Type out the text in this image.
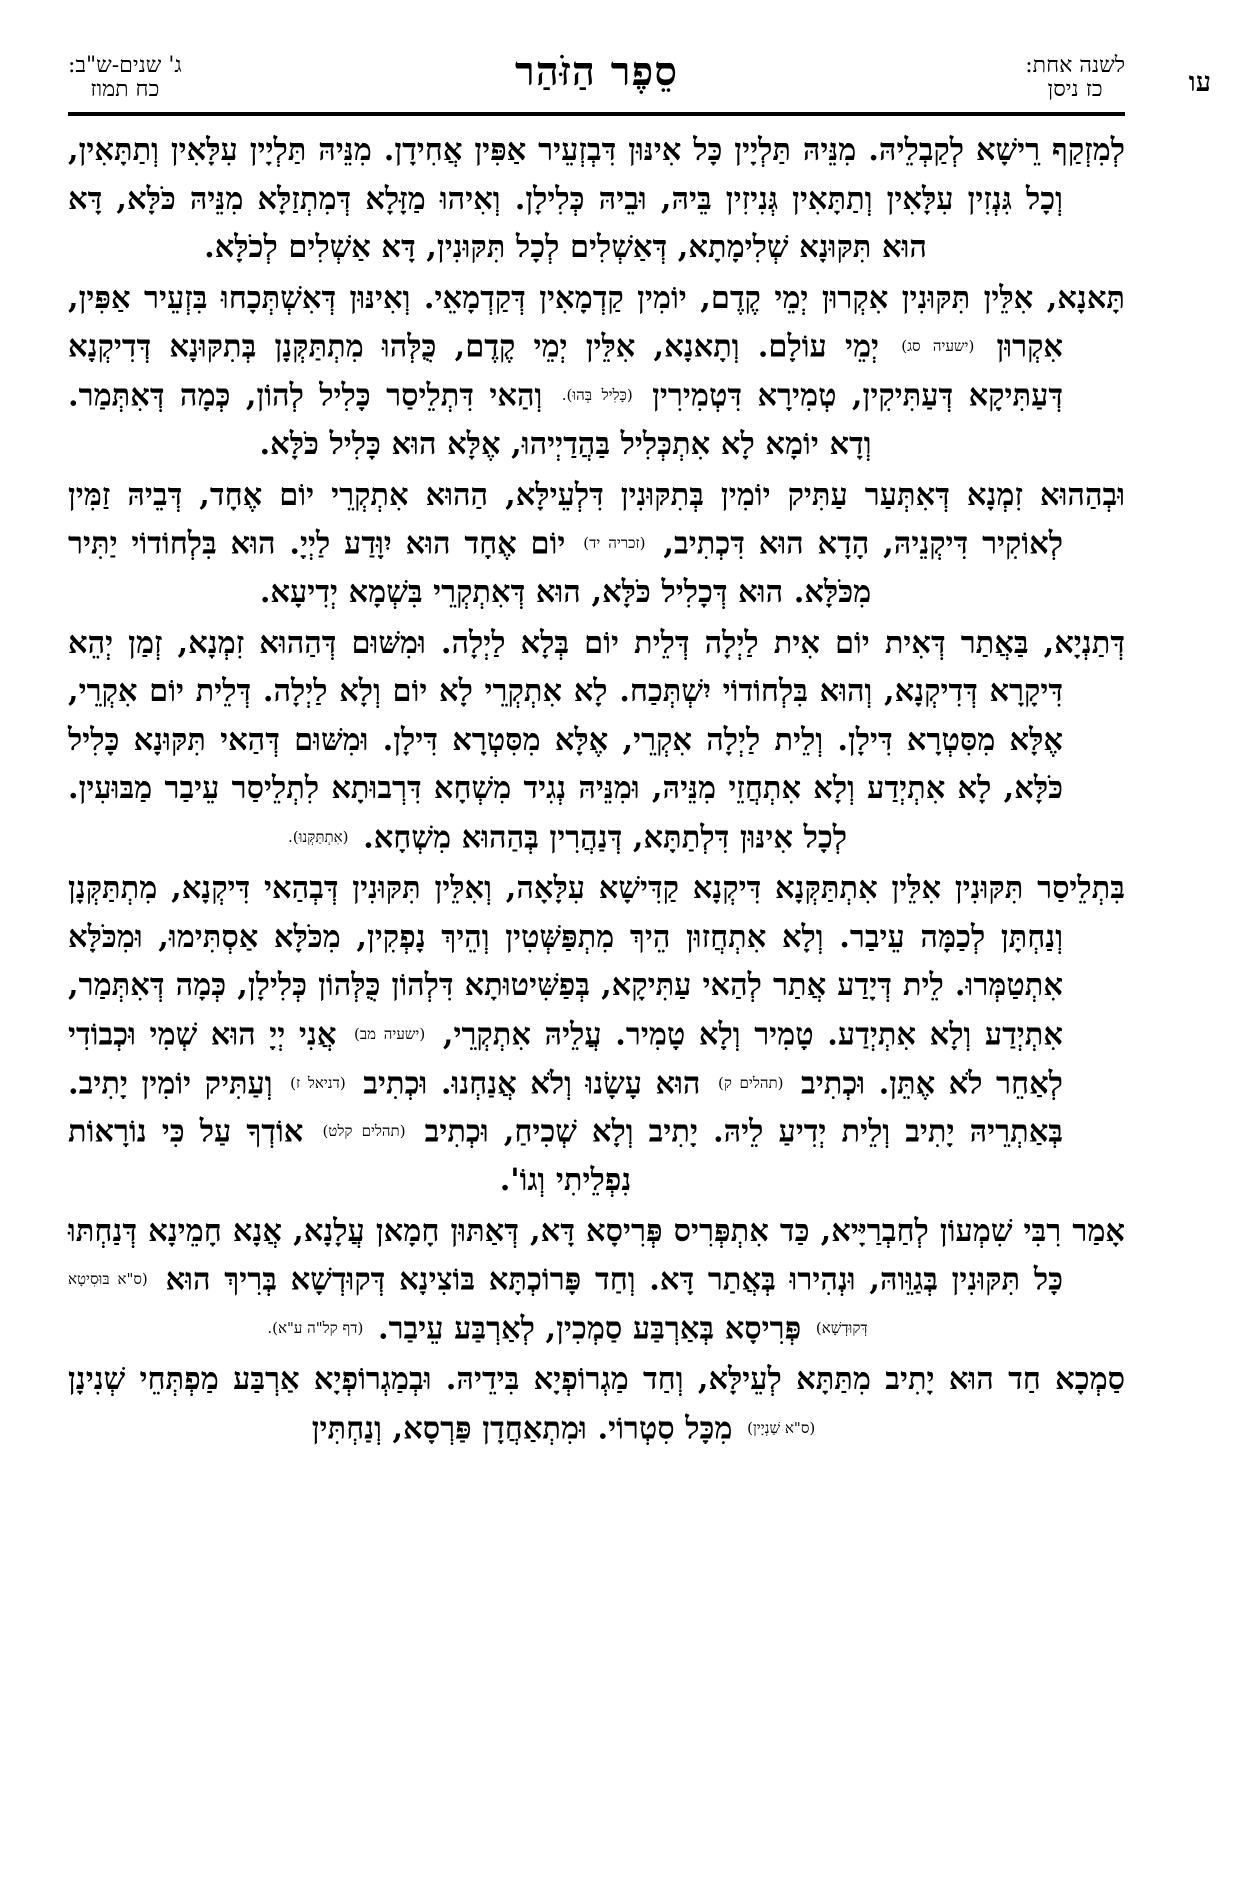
עו
לשנה אחת:
כז ניסן
סֵפֶר הַזֹּהַר
ג' שנים-ש"ב:
כח תמוז

לְמִזְקַף רֵישָׁא לְקַבְלֵיהּ. מִנֵּיהּ תַּלְיָין כָּל אִינּוּן דִּבְזְעֵיר אַפִּין אֲחִידָן. מִנֵּיהּ תַּלְיָין עִלָּאִין וְתַתָּאִין, וְכָל גִּנְזִין עִלָּאִין וְתַתָּאִין גְּנִיזִין בֵּיהּ, וּבֵיהּ כְּלִילָן. וְאִיהוּ מַזָּלָא דְּמִתְזַלָּא מִנֵּיהּ כֹּלָּא, דָּא הוּא תִּקּוּנָא שְׁלִימָתָא, דְּאַשְׁלִים לְכָל תִּקּוּנִין, דָּא אַשְׁלִים לְכֹלָּא.

תָּאנָא, אִלֵּין תִּקּוּנִין אִקְרוּן יְמֵי קֶדֶם, יוֹמִין קַדְמָאִין דְּקַדְמָאֵי. וְאִינּוּן דְּאִשְׁתְּכָחוּ בִּזְעֵיר אַפִּין, אִקְרוּן (ישעיה סג) יְמֵי עוֹלָם. וְתָאנָא, אִלֵּין יְמֵי קֶדֶם, כֻּלְּהוּ מִתְתַּקְּנָן בְּתִקּוּנָא דְּדִיקְנָא דְּעַתִּיקָא דְּעַתִּיקִין, טְמִירָא דִּטְמִירִין (כָּלִיל בְּהוּ). וְהַאי דִּתְלֵיסַר כָּלִיל לְהוֹן, כְּמָה דְּאִתְּמַר. וְדָא יוֹמָא לָא אִתְכְּלִיל בַּהֲדַיְיהוּ, אֶלָּא הוּא כָּלִיל כֹּלָּא.

וּבְהַהוּא זִמְנָא דְּאִתְּעַר עַתִּיק יוֹמִין בְּתִקּוּנִין דִּלְעֵילָּא, הַהוּא אִתְקְרֵי יוֹם אֶחָד, דְּבֵיהּ זַמִּין לְאוֹקִיר דִּיקְנֵיהּ, הָדָא הוּא דִּכְתִיב, (זכריה יד) יוֹם אֶחָד הוּא יִוָּדַע לַיְיָ. הוּא בִּלְחוֹדוֹי יַתִּיר מִכֹּלָּא. הוּא דְּכָלִיל כֹּלָּא, הוּא דְּאִתְקְרֵי בִּשְׁמָא יְדִיעָא.

דְּתַנְיָא, בַּאֲתַר דְּאִית יוֹם אִית לַיְלָה דְּלֵית יוֹם בְּלָא לַיְלָה. וּמִשּׁוּם דְּהַהוּא זִמְנָא, זְמַן יְהֵא דִּיקָרָא דְּדִיקְנָא, וְהוּא בִּלְחוֹדוֹי יִשְׁתְּכַח. לָא אִתְקְרֵי לָא יוֹם וְלָא לַיְלָה. דְּלֵית יוֹם אִקְרֵי, אֶלָּא מִסִּטְרָא דִּילָן. וְלֵית לַיְלָה אִקְרֵי, אֶלָּא מִסִּטְרָא דִּילָן. וּמִשּׁוּם דְּהַאי תִּקּוּנָא כָּלִיל כֹּלָּא, לָא אִתְיְדַע וְלָא אִתְחֲזֵי מִנֵּיהּ, וּמִנֵּיהּ נְגִיד מִשְׁחָא דִּרְבוּתָא לִתְלֵיסַר עֵיבַר מַבּוּעִין. לְכָל אִינּוּן דִּלְתַתָּא, דְּנַהֲרִין בְּהַהוּא מִשְׁחָא. (אִתְתַּקְּנוּ).

בִּתְלֵיסַר תִּקּוּנִין אִלֵּין אִתְתַּקְּנָא דִּיקְנָא קַדִּישָׁא עִלָּאָה, וְאִלֵּין תִּקּוּנִין דְּבְהַאי דִּיקְנָא, מִתְתַּקְּנָן וְנַחְתָּן לְכַמָּה עֵיבַר. וְלָא אִתְחֲזוּן הֵיךְ מִתְפַּשְּׁטִין וְהֵיךְ נָפְקִין, מִכֹּלָּא אַסְתִּימוּ, וּמִכֹּלָּא אִתְטַמְּרוּ. לֵית דְּיָדַע אֲתַר לְהַאי עַתִּיקָא, בְּפַשִּׁיטוּתָא דִּלְהוֹן כֻּלְּהוֹן כְּלִילָן, כְּמָה דְּאִתְּמַר, אִתְיְדַע וְלָא אִתְיְדַע. טָמִיר וְלָא טָמִיר. עֲלֵיהּ אִתְקְרֵי, (ישעיה מב) אֲנִי יְיָ הוּא שְׁמִי וּכְבוֹדִי לְאַחֵר לֹא אֶתֵּן. וּכְתִיב (תהלים ק) הוּא עָשָׂנוּ וְלֹא אֲנַחְנוּ. וּכְתִיב (דניאל ז) וְעַתִּיק יוֹמִין יָתִיב. בְּאַתְרֵיהּ יָתִיב וְלֵית יְדִיעַ לֵיהּ. יָתִיב וְלָא שְׁכִיחַ, וּכְתִיב (תהלים קלט) אוֹדְךָ עַל כִּי נוֹרָאוֹת נִפְלֵיתִי וְגוֹ'.

אָמַר רִבִּי שִׁמְעוֹן לְחַבְרַיָּיא, כַּד אִתְפְּרִיס פְּרִיסָא דָּא, דְּאַתּוּן חָמָאן עֲלָנָא, אֲנָא חָמֵינָא דְּנַחְתּוּ כָּל תִּקּוּנִין בְּגַוֵּוהּ, וּנְהִירוּ בְּאֲתַר דָּא. וְחַד פָּרוֹכְתָּא בּוֹצִינָא דְּקוּדְשָׁא בְּרִיךְ הוּא (ס"א בּוּסִיטָא דְּקוּדְשָׁא) פְּרִיסָא בְּאַרְבַּע סַמְכִין, לְאַרְבַּע עֵיבַר. (דף קל"ה ע"א).

סַמְכָא חַד הוּא יָתִיב מִתַּתָּא לְעֵילָּא, וְחַד מַגְרוֹפְיָא בִּידֵיהּ. וּבְמַגְרוֹפְיָא אַרְבַּע מַפְתְּחֵי שְׁנִינָן (ס"א שַׁנְיָין) מִכָּל סִטְרוֹי. וּמִתְאַחֲדָן פַּרְסָא, וְנַחְתִּין
